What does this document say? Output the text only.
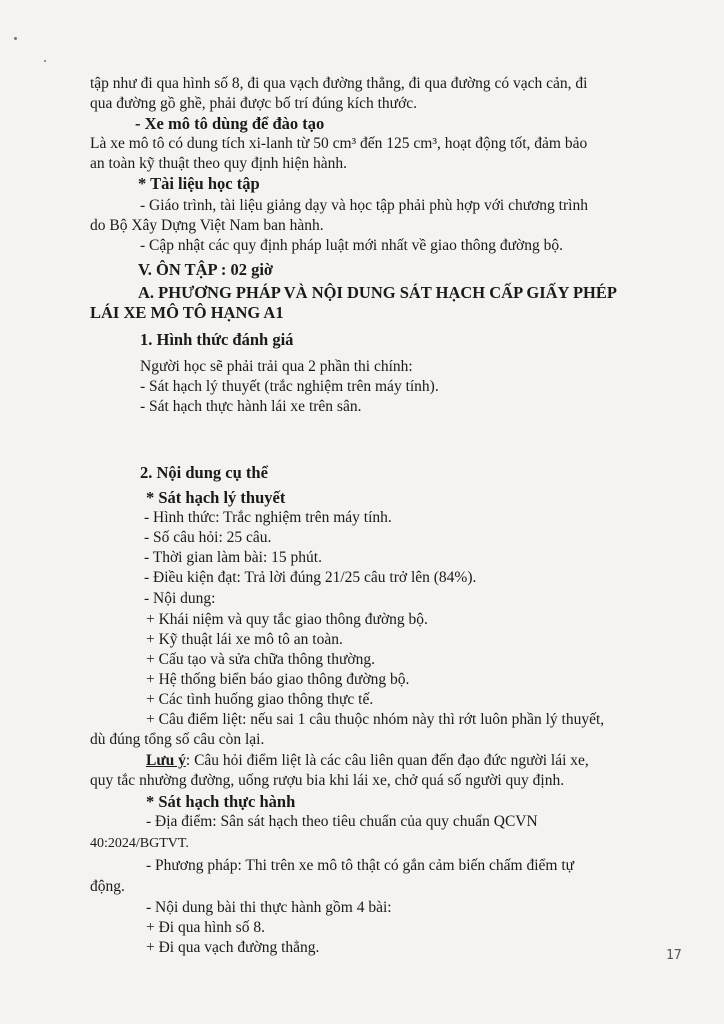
tập như đi qua hình số 8, đi qua vạch đường thẳng, đi qua đường có vạch cản, đi

qua đường gồ ghề, phải được bố trí đúng kích thước.

- Xe mô tô dùng để đào tạo

Là xe mô tô có dung tích xi-lanh từ 50 cm³ đến 125 cm³, hoạt động tốt, đảm bảo

an toàn kỹ thuật theo quy định hiện hành.

* Tài liệu học tập

- Giáo trình, tài liệu giảng dạy và học tập phải phù hợp với chương trình

do Bộ Xây Dựng Việt Nam ban hành.

- Cập nhật các quy định pháp luật mới nhất về giao thông đường bộ.

V. ÔN TẬP : 02 giờ

A. PHƯƠNG PHÁP VÀ NỘI DUNG SÁT HẠCH CẤP GIẤY PHÉP

LÁI XE MÔ TÔ HẠNG A1

1. Hình thức đánh giá

Người học sẽ phải trải qua 2 phần thi chính:

- Sát hạch lý thuyết (trắc nghiệm trên máy tính).

- Sát hạch thực hành lái xe trên sân.

2. Nội dung cụ thể

* Sát hạch lý thuyết

- Hình thức: Trắc nghiệm trên máy tính.

- Số câu hỏi: 25 câu.

- Thời gian làm bài: 15 phút.

- Điều kiện đạt: Trả lời đúng 21/25 câu trở lên (84%).

- Nội dung:

+ Khái niệm và quy tắc giao thông đường bộ.

+ Kỹ thuật lái xe mô tô an toàn.

+ Cấu tạo và sửa chữa thông thường.

+ Hệ thống biển báo giao thông đường bộ.

+ Các tình huống giao thông thực tế.

+ Câu điểm liệt: nếu sai 1 câu thuộc nhóm này thì rớt luôn phần lý thuyết,

dù đúng tổng số câu còn lại.

Lưu ý: Câu hỏi điểm liệt là các câu liên quan đến đạo đức người lái xe,

quy tắc nhường đường, uống rượu bia khi lái xe, chở quá số người quy định.

* Sát hạch thực hành

- Địa điểm: Sân sát hạch theo tiêu chuẩn của quy chuẩn QCVN

40:2024/BGTVT.

- Phương pháp: Thi trên xe mô tô thật có gắn cảm biến chấm điểm tự

động.

- Nội dung bài thi thực hành gồm 4 bài:

+ Đi qua hình số 8.

+ Đi qua vạch đường thẳng.	17
